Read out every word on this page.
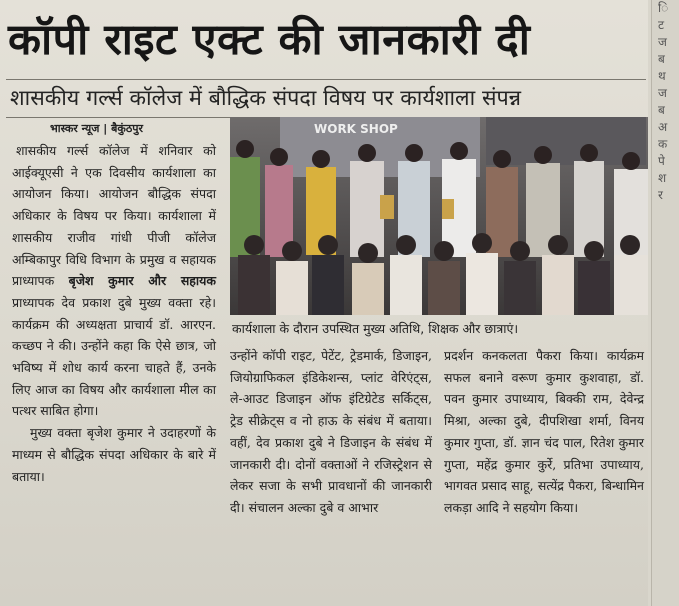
कॉपी राइट एक्ट की जानकारी दी
शासकीय गर्ल्स कॉलेज में बौद्धिक संपदा विषय पर कार्यशाला संपन्न
भास्कर न्यूज | बैकुंठपुर

शासकीय गर्ल्स कॉलेज में शनिवार को आईक्यूएसी ने एक दिवसीय कार्यशाला का आयोजन किया। आयोजन बौद्धिक संपदा अधिकार के विषय पर किया। कार्यशाला में शासकीय राजीव गांधी पीजी कॉलेज अम्बिकापुर विधि विभाग के प्रमुख व सहायक प्राध्यापक बृजेश कुमार और सहायक प्राध्यापक देव प्रकाश दुबे मुख्य वक्ता रहे। कार्यक्रम की अध्यक्षता प्राचार्य डॉ. आरएन. कच्छप ने की। उन्होंने कहा कि ऐसे छात्र, जो भविष्य में शोध कार्य करना चाहते हैं, उनके लिए आज का विषय और कार्यशाला मील का पत्थर साबित होगा।

मुख्य वक्ता बृजेश कुमार ने उदाहरणों के माध्यम से बौद्धिक संपदा अधिकार के बारे में बताया।

WORK SHOP
कार्यशाला के दौरान उपस्थित मुख्य अतिथि, शिक्षक और छात्राएं।

उन्होंने कॉपी राइट, पेटेंट, ट्रेडमार्क, डिजाइन, जियोग्राफिकल इंडिकेशन्स, प्लांट वेरिएंट्स, ले-आउट डिजाइन ऑफ इंटिग्रेटेड सर्किट्स, ट्रेड सीक्रेट्स व नो हाऊ के संबंध में बताया। वहीं, देव प्रकाश दुबे ने डिजाइन के संबंध में जानकारी दी। दोनों वक्ताओं ने रजिस्ट्रेशन से लेकर सजा के सभी प्रावधानों की जानकारी दी। संचालन अल्का दुबे व आभार

प्रदर्शन कनकलता पैकरा किया। कार्यक्रम सफल बनाने वरूण कुमार कुशवाहा, डॉ. पवन कुमार उपाध्याय, बिक्की राम, देवेन्द्र मिश्रा, अल्का दुबे, दीपशिखा शर्मा, विनय कुमार गुप्ता, डॉ. ज्ञान चंद पाल, रितेश कुमार गुप्ता, महेंद्र कुमार कुर्रे, प्रतिभा उपाध्याय, भागवत प्रसाद साहू, सत्येंद्र पैकरा, बिन्धामिन लकड़ा आदि ने सहयोग किया।

ि
ट
ज
ब
थ
ज
ब
अ
क
पे
श
र
